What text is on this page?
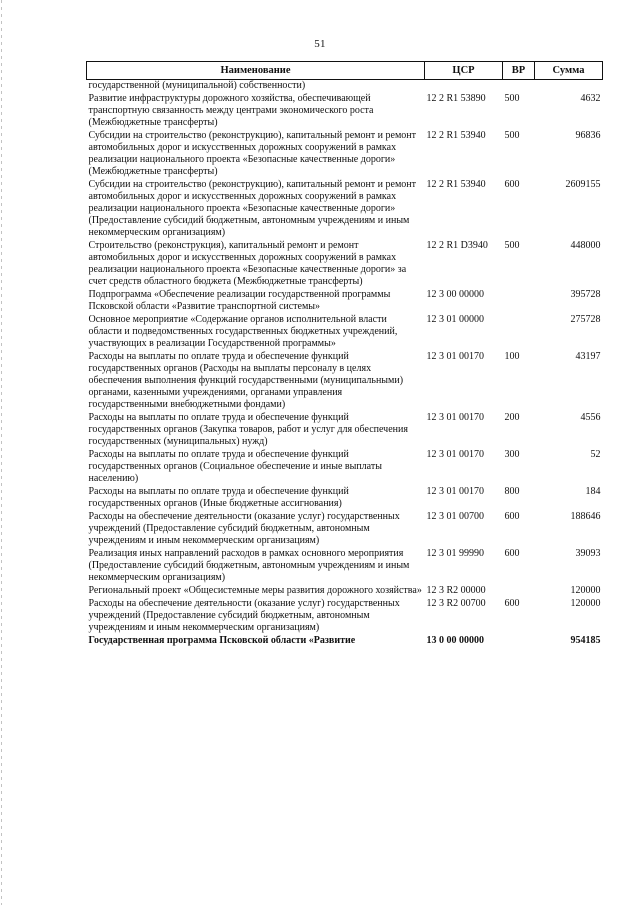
51
Наименование	ЦСР	ВР	Сумма
государственной (муниципальной) собственности)			
Развитие инфраструктуры дорожного хозяйства, обеспечивающей транспортную связанность между центрами экономического роста (Межбюджетные трансферты)	12 2 R1 53890	500	4632
Субсидии на строительство (реконструкцию), капитальный ремонт и ремонт автомобильных дорог и искусственных дорожных сооружений в рамках реализации национального проекта «Безопасные качественные дороги» (Межбюджетные трансферты)	12 2 R1 53940	500	96836
Субсидии на строительство (реконструкцию), капитальный ремонт и ремонт автомобильных дорог и искусственных дорожных сооружений в рамках реализации национального проекта «Безопасные качественные дороги» (Предоставление субсидий бюджетным, автономным учреждениям и иным некоммерческим организациям)	12 2 R1 53940	600	2609155
Строительство (реконструкция), капитальный ремонт и ремонт автомобильных дорог и искусственных дорожных сооружений в рамках реализации национального проекта «Безопасные качественные дороги» за счет средств областного бюджета (Межбюджетные трансферты)	12 2 R1 D3940	500	448000
Подпрограмма «Обеспечение реализации государственной программы Псковской области «Развитие транспортной системы»	12 3 00 00000		395728
Основное мероприятие «Содержание органов исполнительной власти области и подведомственных государственных бюджетных учреждений, участвующих в реализации Государственной программы»	12 3 01 00000		275728
Расходы на выплаты по оплате труда и обеспечение функций государственных органов (Расходы на выплаты персоналу в целях обеспечения выполнения функций государственными (муниципальными) органами, казенными учреждениями, органами управления государственными внебюджетными фондами)	12 3 01 00170	100	43197
Расходы на выплаты по оплате труда и обеспечение функций государственных органов (Закупка товаров, работ и услуг для обеспечения государственных (муниципальных) нужд)	12 3 01 00170	200	4556
Расходы на выплаты по оплате труда и обеспечение функций государственных органов (Социальное обеспечение и иные выплаты населению)	12 3 01 00170	300	52
Расходы на выплаты по оплате труда и обеспечение функций государственных органов (Иные бюджетные ассигнования)	12 3 01 00170	800	184
Расходы на обеспечение деятельности (оказание услуг) государственных учреждений (Предоставление субсидий бюджетным, автономным учреждениям и иным некоммерческим организациям)	12 3 01 00700	600	188646
Реализация иных направлений расходов в рамках основного мероприятия (Предоставление субсидий бюджетным, автономным учреждениям и иным некоммерческим организациям)	12 3 01 99990	600	39093
Региональный проект «Общесистемные меры развития дорожного хозяйства»	12 3 R2 00000		120000
Расходы на обеспечение деятельности (оказание услуг) государственных учреждений (Предоставление субсидий бюджетным, автономным учреждениям и иным некоммерческим организациям)	12 3 R2 00700	600	120000
Государственная программа Псковской области «Развитие	13 0 00 00000		954185
